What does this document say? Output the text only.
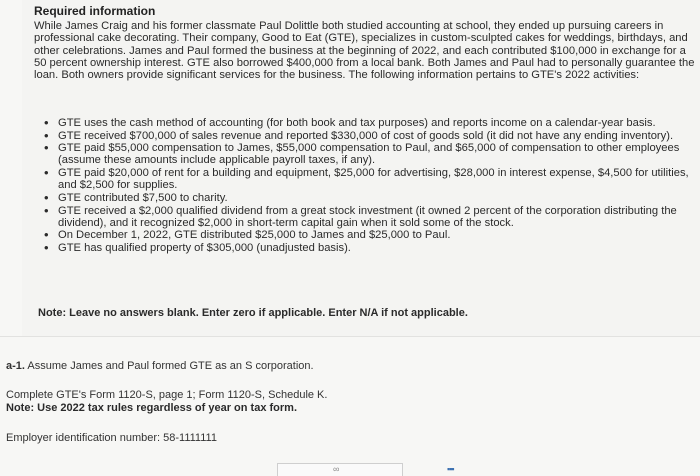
Required information

While James Craig and his former classmate Paul Dolittle both studied accounting at school, they ended up pursuing careers in professional cake decorating. Their company, Good to Eat (GTE), specializes in custom-sculpted cakes for weddings, birthdays, and other celebrations. James and Paul formed the business at the beginning of 2022, and each contributed $100,000 in exchange for a 50 percent ownership interest. GTE also borrowed $400,000 from a local bank. Both James and Paul had to personally guarantee the loan. Both owners provide significant services for the business. The following information pertains to GTE's 2022 activities:

• GTE uses the cash method of accounting (for both book and tax purposes) and reports income on a calendar-year basis.
• GTE received $700,000 of sales revenue and reported $330,000 of cost of goods sold (it did not have any ending inventory).
• GTE paid $55,000 compensation to James, $55,000 compensation to Paul, and $65,000 of compensation to other employees (assume these amounts include applicable payroll taxes, if any).
• GTE paid $20,000 of rent for a building and equipment, $25,000 for advertising, $28,000 in interest expense, $4,500 for utilities, and $2,500 for supplies.
• GTE contributed $7,500 to charity.
• GTE received a $2,000 qualified dividend from a great stock investment (it owned 2 percent of the corporation distributing the dividend), and it recognized $2,000 in short-term capital gain when it sold some of the stock.
• On December 1, 2022, GTE distributed $25,000 to James and $25,000 to Paul.
• GTE has qualified property of $305,000 (unadjusted basis).
Note: Leave no answers blank. Enter zero if applicable. Enter N/A if not applicable.
a-1. Assume James and Paul formed GTE as an S corporation.
Complete GTE's Form 1120-S, page 1; Form 1120-S, Schedule K.
Note: Use 2022 tax rules regardless of year on tax form.
Employer identification number: 58-1111111
∞	▪▪▪
